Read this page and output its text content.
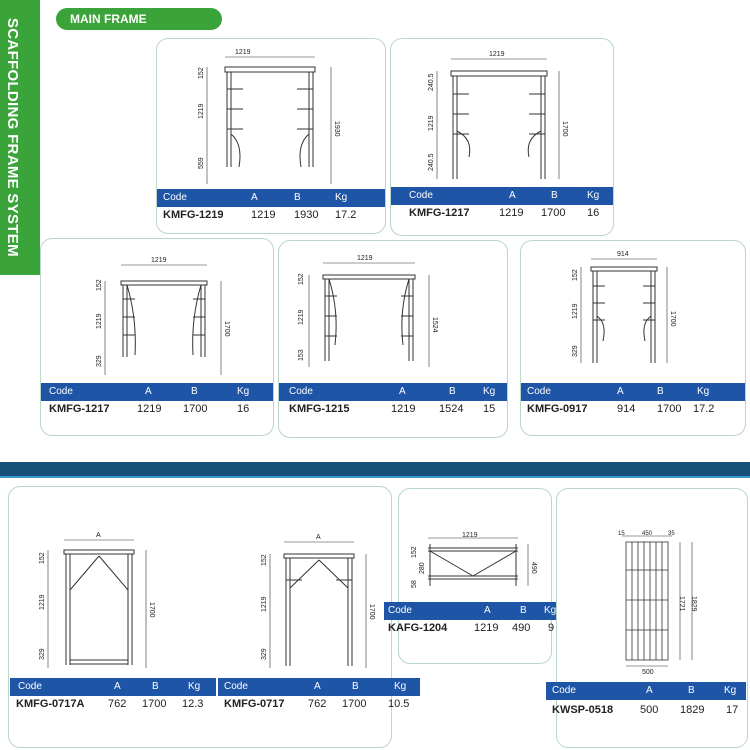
SCAFFOLDING FRAME SYSTEM	MAIN FRAME
1219
152
1219
559
1930
Code	A	B	Kg
KMFG-1219 1219 1930 17.2
1219
240.5
1219
240.5
1700
Code	A	B	Kg
KMFG-1217	1219 1700 16
1219
152
1219
329
1700
Code	A	B	Kg
KMFG-1217 1219 1700	16
1219
152
1219
153
1524
Code	A	B	Kg
KMFG-1215	1219 1524 15
914
152
1219
329
1700
Code	A	B	Kg
KMFG-0917	914 1700 17.2
A
152
1219
329
1700
A
152
1219
329
1700
Code	A	B	Kg
KMFG-0717A 762 1700 12.3
Code	A	B	Kg
KMFG-0717 762 1700 10.5
1219
152
280
58
490
Code	A	B Kg
KAFG-1204 1219 490 9
15	450	35
1721 1829
500
Code	A	B	Kg
KWSP-0518 500 1829 17
